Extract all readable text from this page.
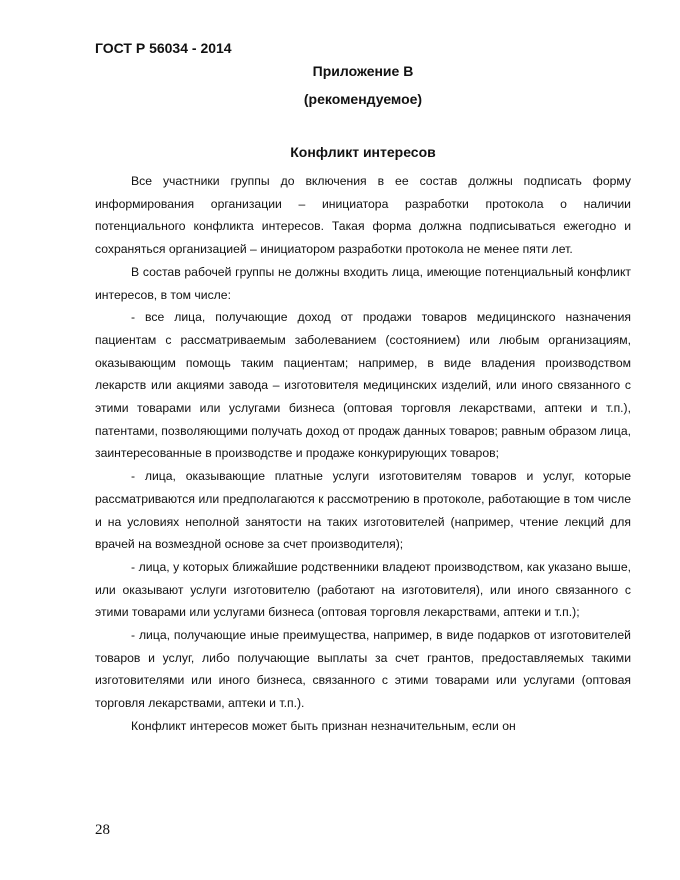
ГОСТ Р 56034 - 2014
Приложение В
(рекомендуемое)
Конфликт интересов

Все участники группы до включения в ее состав должны подписать форму информирования организации – инициатора разработки протокола о наличии потенциального конфликта интересов. Такая форма должна подписываться ежегодно и сохраняться организацией – инициатором разработки протокола не менее пяти лет.

В состав рабочей группы не должны входить лица, имеющие потенциальный конфликт интересов, в том числе:

- все лица, получающие доход от продажи товаров медицинского назначения пациентам с рассматриваемым заболеванием (состоянием) или любым организациям, оказывающим помощь таким пациентам; например, в виде владения производством лекарств или акциями завода – изготовителя медицинских изделий, или иного связанного с этими товарами или услугами бизнеса (оптовая торговля лекарствами, аптеки и т.п.), патентами, позволяющими получать доход от продаж данных товаров; равным образом лица, заинтересованные в производстве и продаже конкурирующих товаров;

- лица, оказывающие платные услуги изготовителям товаров и услуг, которые рассматриваются или предполагаются к рассмотрению в протоколе, работающие в том числе и на условиях неполной занятости на таких изготовителей (например, чтение лекций для врачей на возмездной основе за счет производителя);

- лица, у которых ближайшие родственники владеют производством, как указано выше, или оказывают услуги изготовителю (работают на изготовителя), или иного связанного с этими товарами или услугами бизнеса (оптовая торговля лекарствами, аптеки и т.п.);

- лица, получающие иные преимущества, например, в виде подарков от изготовителей товаров и услуг, либо получающие выплаты за счет грантов, предоставляемых такими изготовителями или иного бизнеса, связанного с этими товарами или услугами (оптовая торговля лекарствами, аптеки и т.п.).

Конфликт интересов может быть признан незначительным, если он

28
